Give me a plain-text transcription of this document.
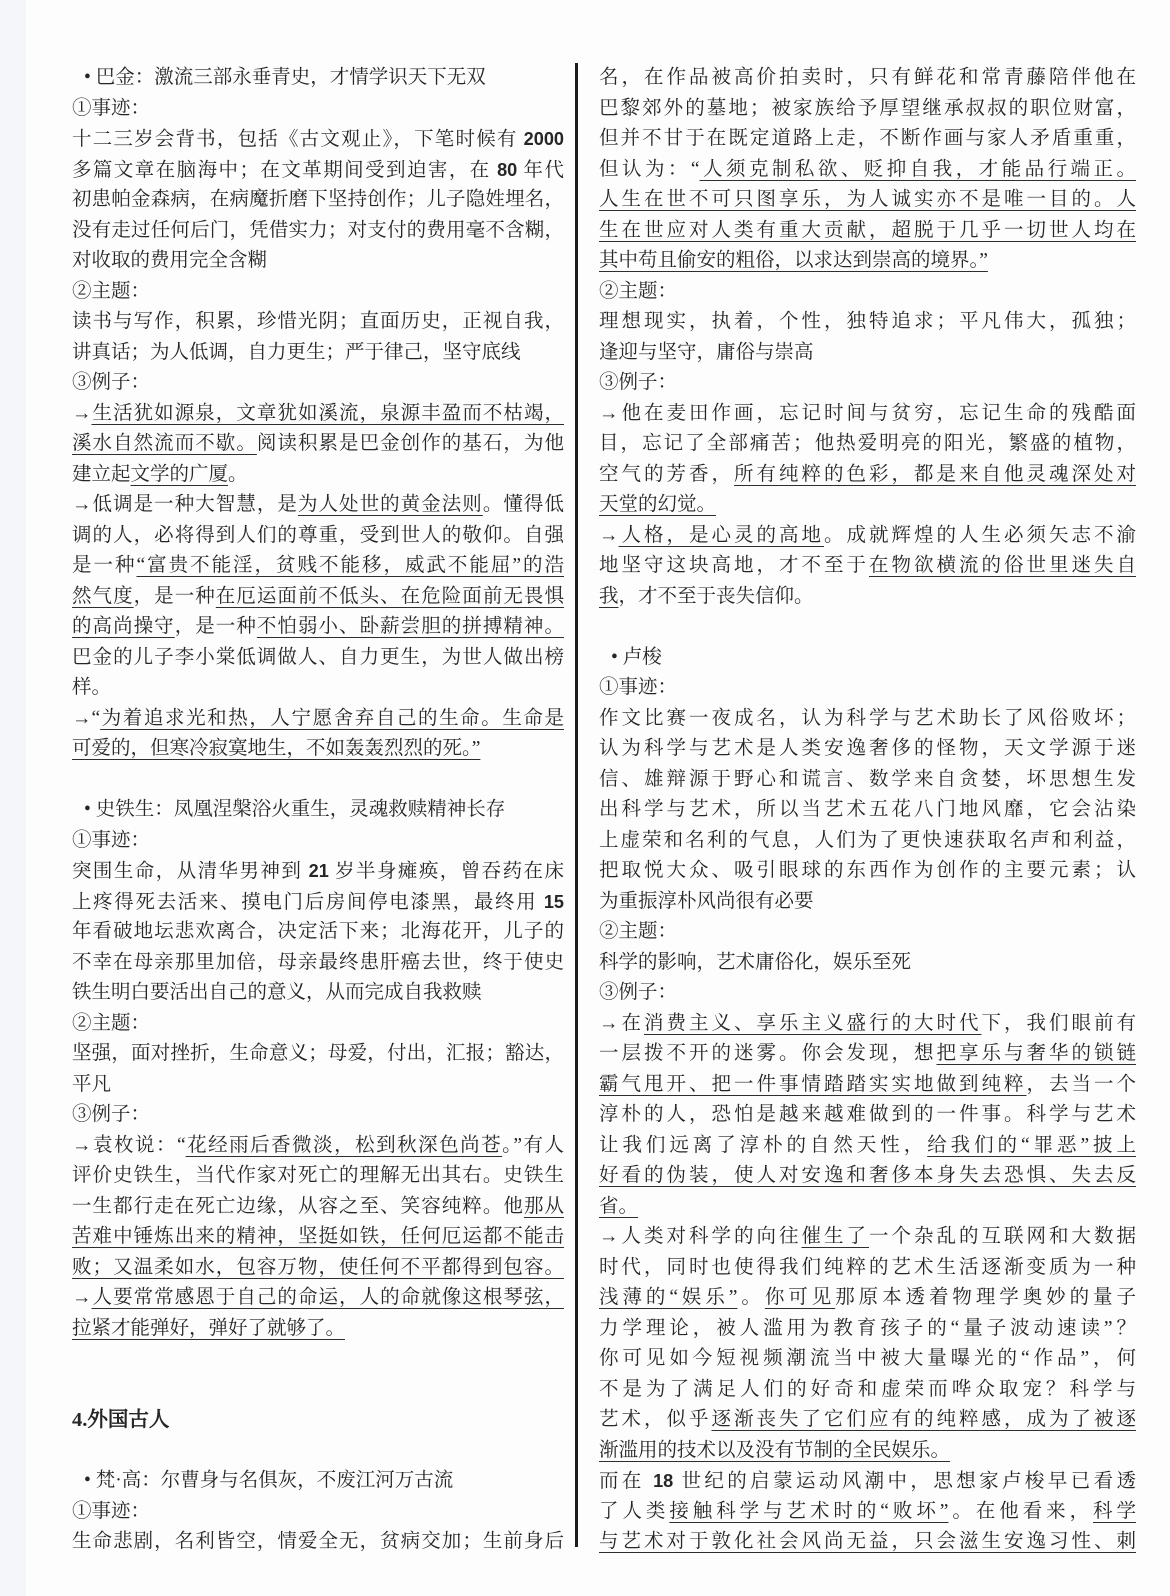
• 巴金：激流三部永垂青史，才情学识天下无双
①事迹：
十二三岁会背书，包括《古文观止》，下笔时候有 2000
多篇文章在脑海中；在文革期间受到迫害，在 80 年代
初患帕金森病，在病魔折磨下坚持创作；儿子隐姓埋名，
没有走过任何后门，凭借实力；对支付的费用毫不含糊，
对收取的费用完全含糊
②主题：
读书与写作，积累，珍惜光阴；直面历史，正视自我，
讲真话；为人低调，自力更生；严于律己，坚守底线
③例子：
→生活犹如源泉，文章犹如溪流，泉源丰盈而不枯竭，
溪水自然流而不歇。阅读积累是巴金创作的基石，为他
建立起文学的广厦。
→低调是一种大智慧，是为人处世的黄金法则。懂得低
调的人，必将得到人们的尊重，受到世人的敬仰。自强
是一种“富贵不能淫，贫贱不能移，威武不能屈”的浩
然气度，是一种在厄运面前不低头、在危险面前无畏惧
的高尚操守，是一种不怕弱小、卧薪尝胆的拼搏精神。
巴金的儿子李小棠低调做人、自力更生，为世人做出榜
样。
→“为着追求光和热，人宁愿舍弃自己的生命。生命是
可爱的，但寒冷寂寞地生，不如轰轰烈烈的死。”
• 史铁生：凤凰涅槃浴火重生，灵魂救赎精神长存
①事迹：
突围生命，从清华男神到 21 岁半身瘫痪，曾吞药在床
上疼得死去活来、摸电门后房间停电漆黑，最终用 15
年看破地坛悲欢离合，决定活下来；北海花开，儿子的
不幸在母亲那里加倍，母亲最终患肝癌去世，终于使史
铁生明白要活出自己的意义，从而完成自我救赎
②主题：
坚强，面对挫折，生命意义；母爱，付出，汇报；豁达，
平凡
③例子：
→袁枚说：“花经雨后香微淡，松到秋深色尚苍。”有人
评价史铁生，当代作家对死亡的理解无出其右。史铁生
一生都行走在死亡边缘，从容之至、笑容纯粹。他那从
苦难中锤炼出来的精神，坚挺如铁，任何厄运都不能击
败；又温柔如水，包容万物，使任何不平都得到包容。
→人要常常感恩于自己的命运，人的命就像这根琴弦，
拉紧才能弹好，弹好了就够了。
4.外国古人
• 梵·高：尔曹身与名俱灰，不废江河万古流
①事迹：
生命悲剧，名利皆空，情爱全无，贫病交加；生前身后
名，在作品被高价拍卖时，只有鲜花和常青藤陪伴他在
巴黎郊外的墓地；被家族给予厚望继承叔叔的职位财富，
但并不甘于在既定道路上走，不断作画与家人矛盾重重，
但认为：“人须克制私欲、贬抑自我，才能品行端正。
人生在世不可只图享乐，为人诚实亦不是唯一目的。人
生在世应对人类有重大贡献，超脱于几乎一切世人均在
其中苟且偷安的粗俗，以求达到崇高的境界。”
②主题：
理想现实，执着，个性，独特追求；平凡伟大，孤独；
逢迎与坚守，庸俗与崇高
③例子：
→他在麦田作画，忘记时间与贫穷，忘记生命的残酷面
目，忘记了全部痛苦；他热爱明亮的阳光，繁盛的植物，
空气的芳香，所有纯粹的色彩，都是来自他灵魂深处对
天堂的幻觉。
→人格，是心灵的高地。成就辉煌的人生必须矢志不渝
地坚守这块高地，才不至于在物欲横流的俗世里迷失自
我，才不至于丧失信仰。
• 卢梭
①事迹：
作文比赛一夜成名，认为科学与艺术助长了风俗败坏；
认为科学与艺术是人类安逸奢侈的怪物，天文学源于迷
信、雄辩源于野心和谎言、数学来自贪婪，坏思想生发
出科学与艺术，所以当艺术五花八门地风靡，它会沾染
上虚荣和名利的气息，人们为了更快速获取名声和利益，
把取悦大众、吸引眼球的东西作为创作的主要元素；认
为重振淳朴风尚很有必要
②主题：
科学的影响，艺术庸俗化，娱乐至死
③例子：
→在消费主义、享乐主义盛行的大时代下，我们眼前有
一层拨不开的迷雾。你会发现，想把享乐与奢华的锁链
霸气甩开、把一件事情踏踏实实地做到纯粹，去当一个
淳朴的人，恐怕是越来越难做到的一件事。科学与艺术
让我们远离了淳朴的自然天性，给我们的“罪恶”披上
好看的伪装，使人对安逸和奢侈本身失去恐惧、失去反
省。
→人类对科学的向往催生了一个杂乱的互联网和大数据
时代，同时也使得我们纯粹的艺术生活逐渐变质为一种
浅薄的“娱乐”。你可见那原本透着物理学奥妙的量子
力学理论，被人滥用为教育孩子的“量子波动速读”？
你可见如今短视频潮流当中被大量曝光的“作品”，何
不是为了满足人们的好奇和虚荣而哗众取宠？科学与
艺术，似乎逐渐丧失了它们应有的纯粹感，成为了被逐
渐滥用的技术以及没有节制的全民娱乐。
而在 18 世纪的启蒙运动风潮中，思想家卢梭早已看透
了人类接触科学与艺术时的“败坏”。在他看来，科学
与艺术对于敦化社会风尚无益，只会滋生安逸习性、刺
